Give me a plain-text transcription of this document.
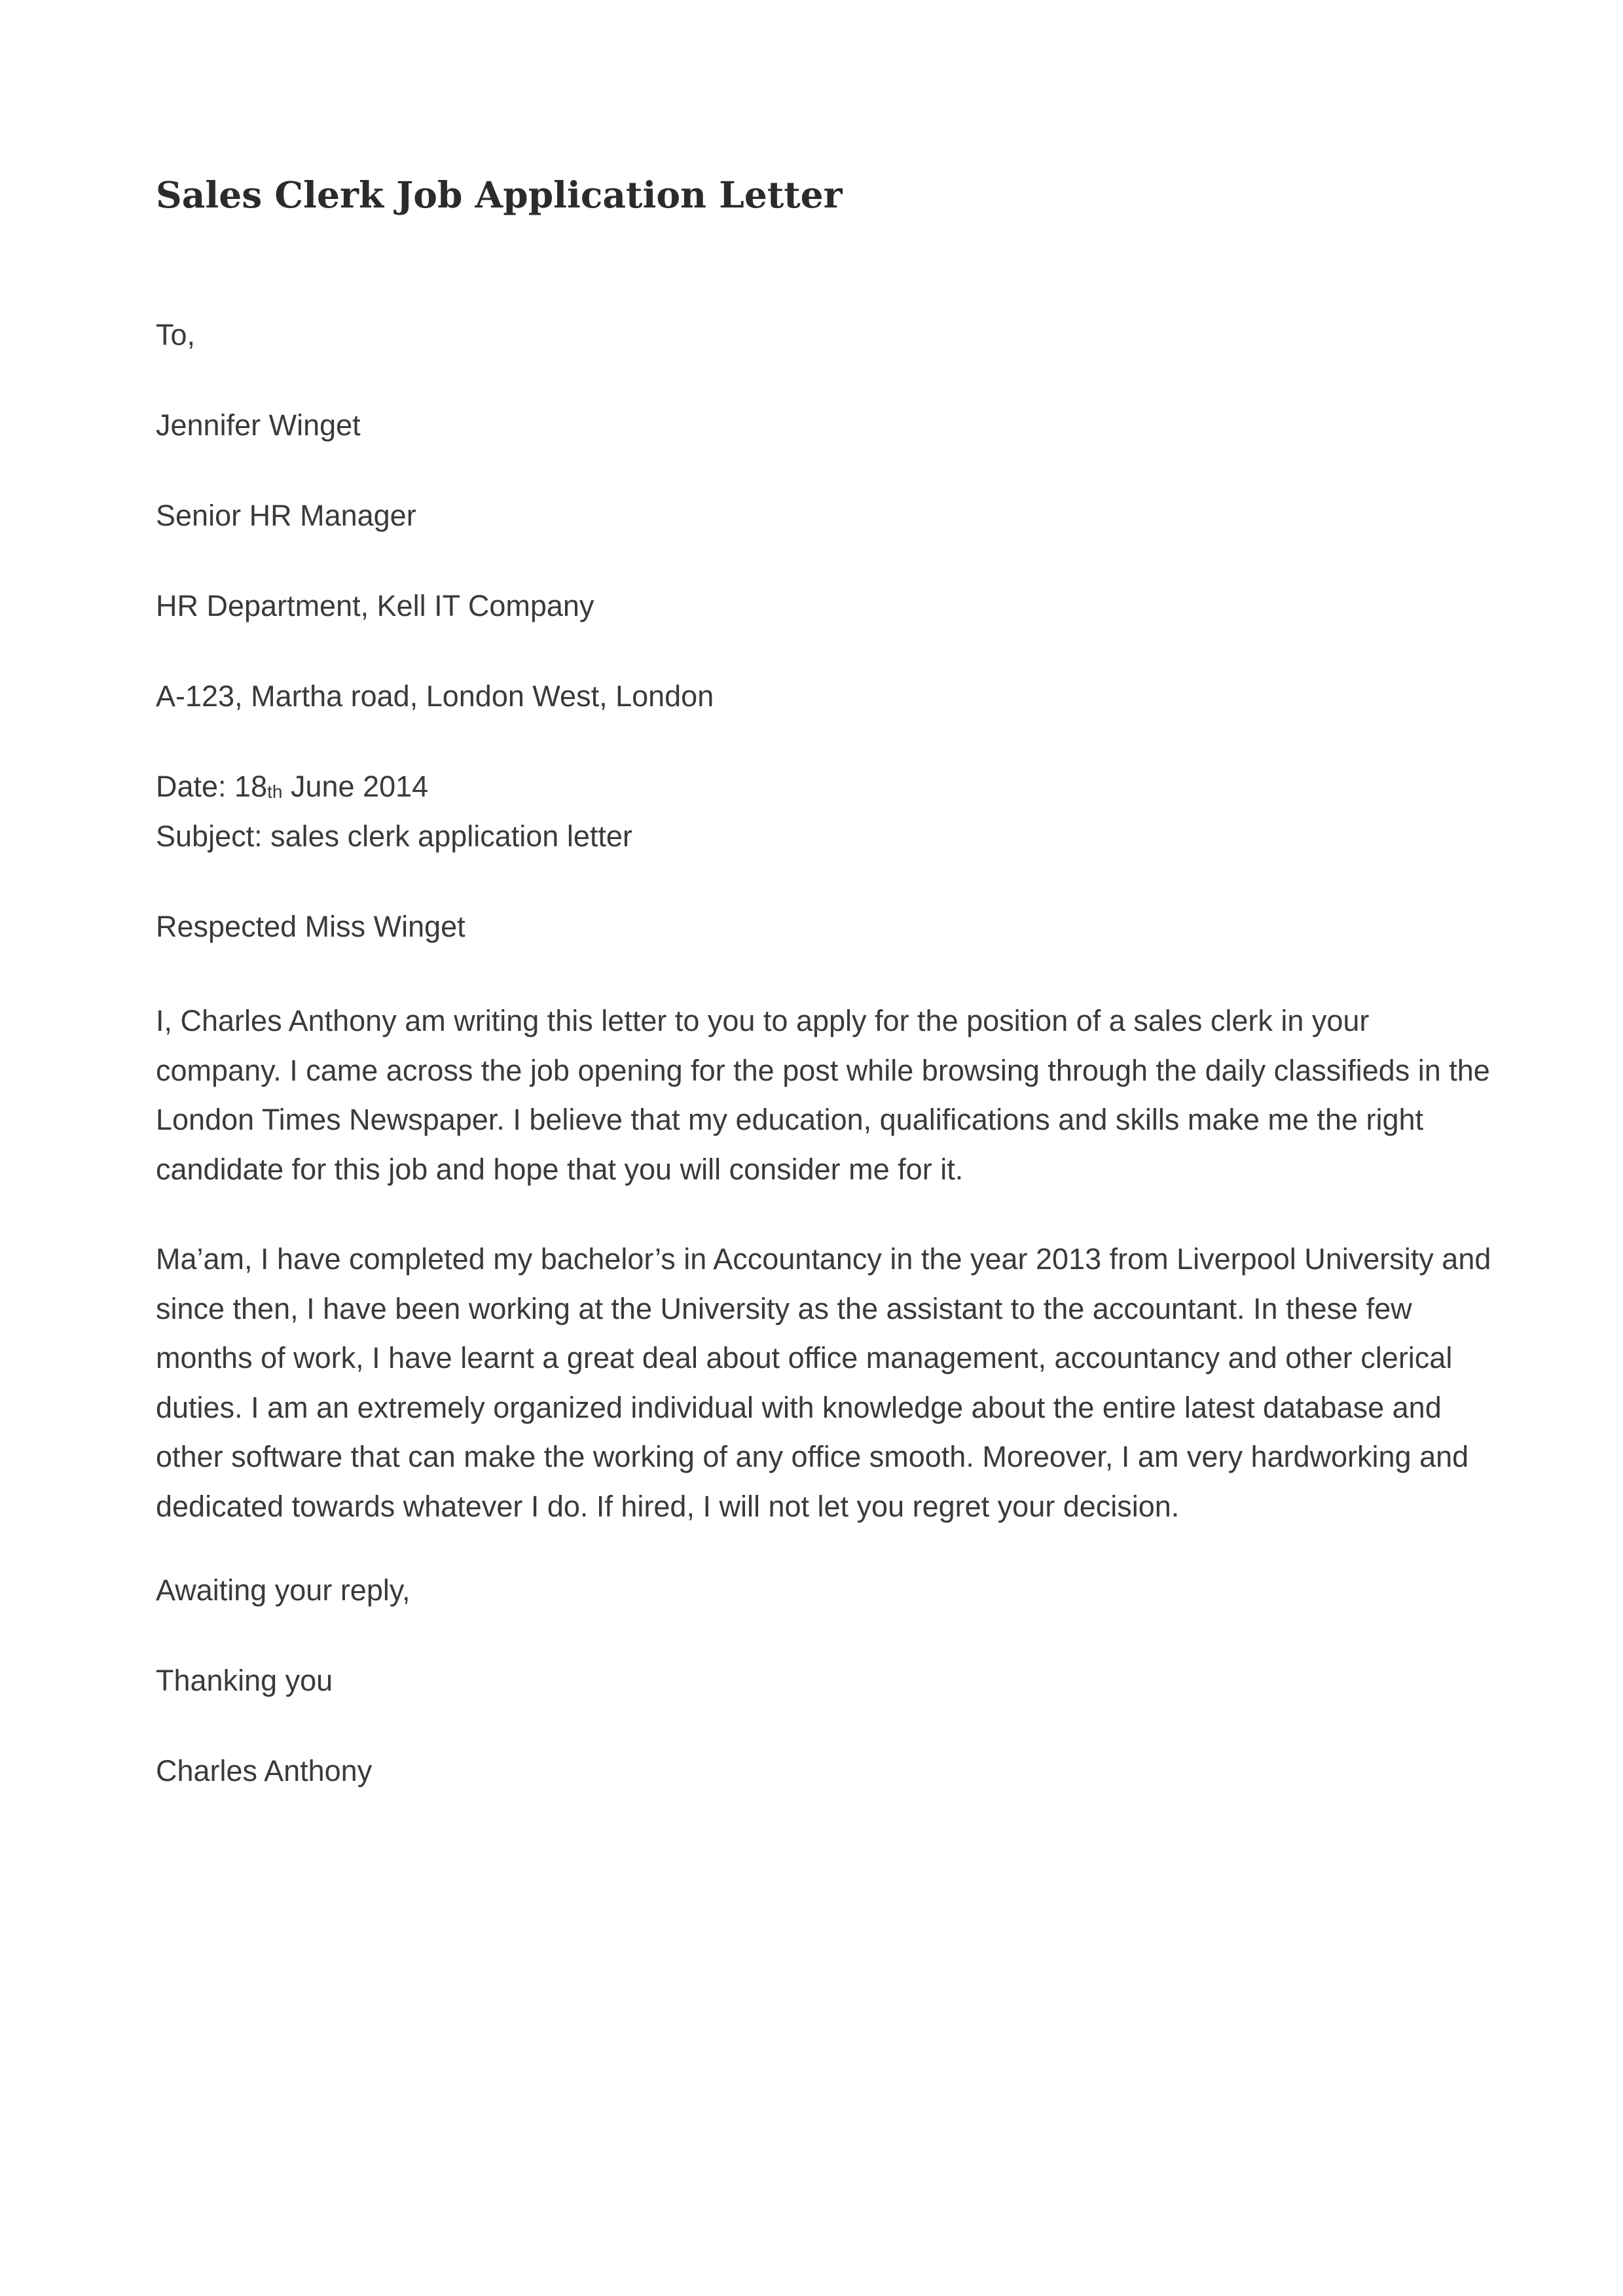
Sales Clerk Job Application Letter

To,

Jennifer Winget

Senior HR Manager

HR Department, Kell IT Company

A-123, Martha road, London West, London

Date: 18th June 2014

Subject: sales clerk application letter

Respected Miss Winget

I, Charles Anthony am writing this letter to you to apply for the position of a sales clerk in your
company. I came across the job opening for the post while browsing through the daily classifieds in the
London Times Newspaper. I believe that my education, qualifications and skills make me the right
candidate for this job and hope that you will consider me for it.
Ma’am, I have completed my bachelor’s in Accountancy in the year 2013 from Liverpool University and
since then, I have been working at the University as the assistant to the accountant. In these few
months of work, I have learnt a great deal about office management, accountancy and other clerical
duties. I am an extremely organized individual with knowledge about the entire latest database and
other software that can make the working of any office smooth. Moreover, I am very hardworking and
dedicated towards whatever I do. If hired, I will not let you regret your decision.

Awaiting your reply,

Thanking you

Charles Anthony
